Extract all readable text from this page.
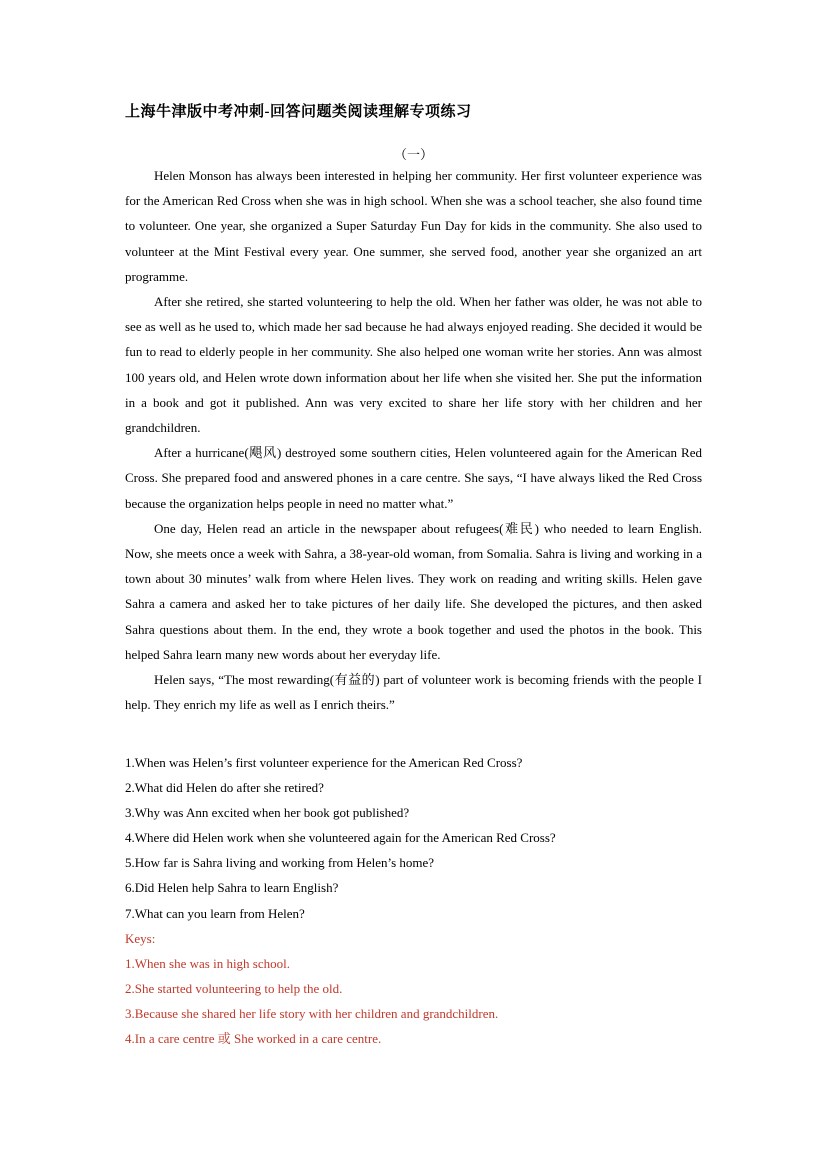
上海牛津版中考冲刺-回答问题类阅读理解专项练习
（一）

Helen Monson has always been interested in helping her community. Her first volunteer experience was for the American Red Cross when she was in high school. When she was a school teacher, she also found time to volunteer. One year, she organized a Super Saturday Fun Day for kids in the community. She also used to volunteer at the Mint Festival every year. One summer, she served food, another year she organized an art programme.

After she retired, she started volunteering to help the old. When her father was older, he was not able to see as well as he used to, which made her sad because he had always enjoyed reading. She decided it would be fun to read to elderly people in her community. She also helped one woman write her stories. Ann was almost 100 years old, and Helen wrote down information about her life when she visited her. She put the information in a book and got it published. Ann was very excited to share her life story with her children and her grandchildren.

After a hurricane(飓风) destroyed some southern cities, Helen volunteered again for the American Red Cross. She prepared food and answered phones in a care centre. She says, “I have always liked the Red Cross because the organization helps people in need no matter what.”

One day, Helen read an article in the newspaper about refugees(难民) who needed to learn English. Now, she meets once a week with Sahra, a 38-year-old woman, from Somalia. Sahra is living and working in a town about 30 minutes’ walk from where Helen lives. They work on reading and writing skills. Helen gave Sahra a camera and asked her to take pictures of her daily life. She developed the pictures, and then asked Sahra questions about them. In the end, they wrote a book together and used the photos in the book. This helped Sahra learn many new words about her everyday life.

Helen says, “The most rewarding(有益的) part of volunteer work is becoming friends with the people I help. They enrich my life as well as I enrich theirs.”

1.When was Helen’s first volunteer experience for the American Red Cross?

2.What did Helen do after she retired?

3.Why was Ann excited when her book got published?

4.Where did Helen work when she volunteered again for the American Red Cross?

5.How far is Sahra living and working from Helen’s home?

6.Did Helen help Sahra to learn English?

7.What can you learn from Helen?

Keys:

1.When she was in high school.

2.She started volunteering to help the old.

3.Because she shared her life story with her children and grandchildren.

4.In a care centre 或 She worked in a care centre.
